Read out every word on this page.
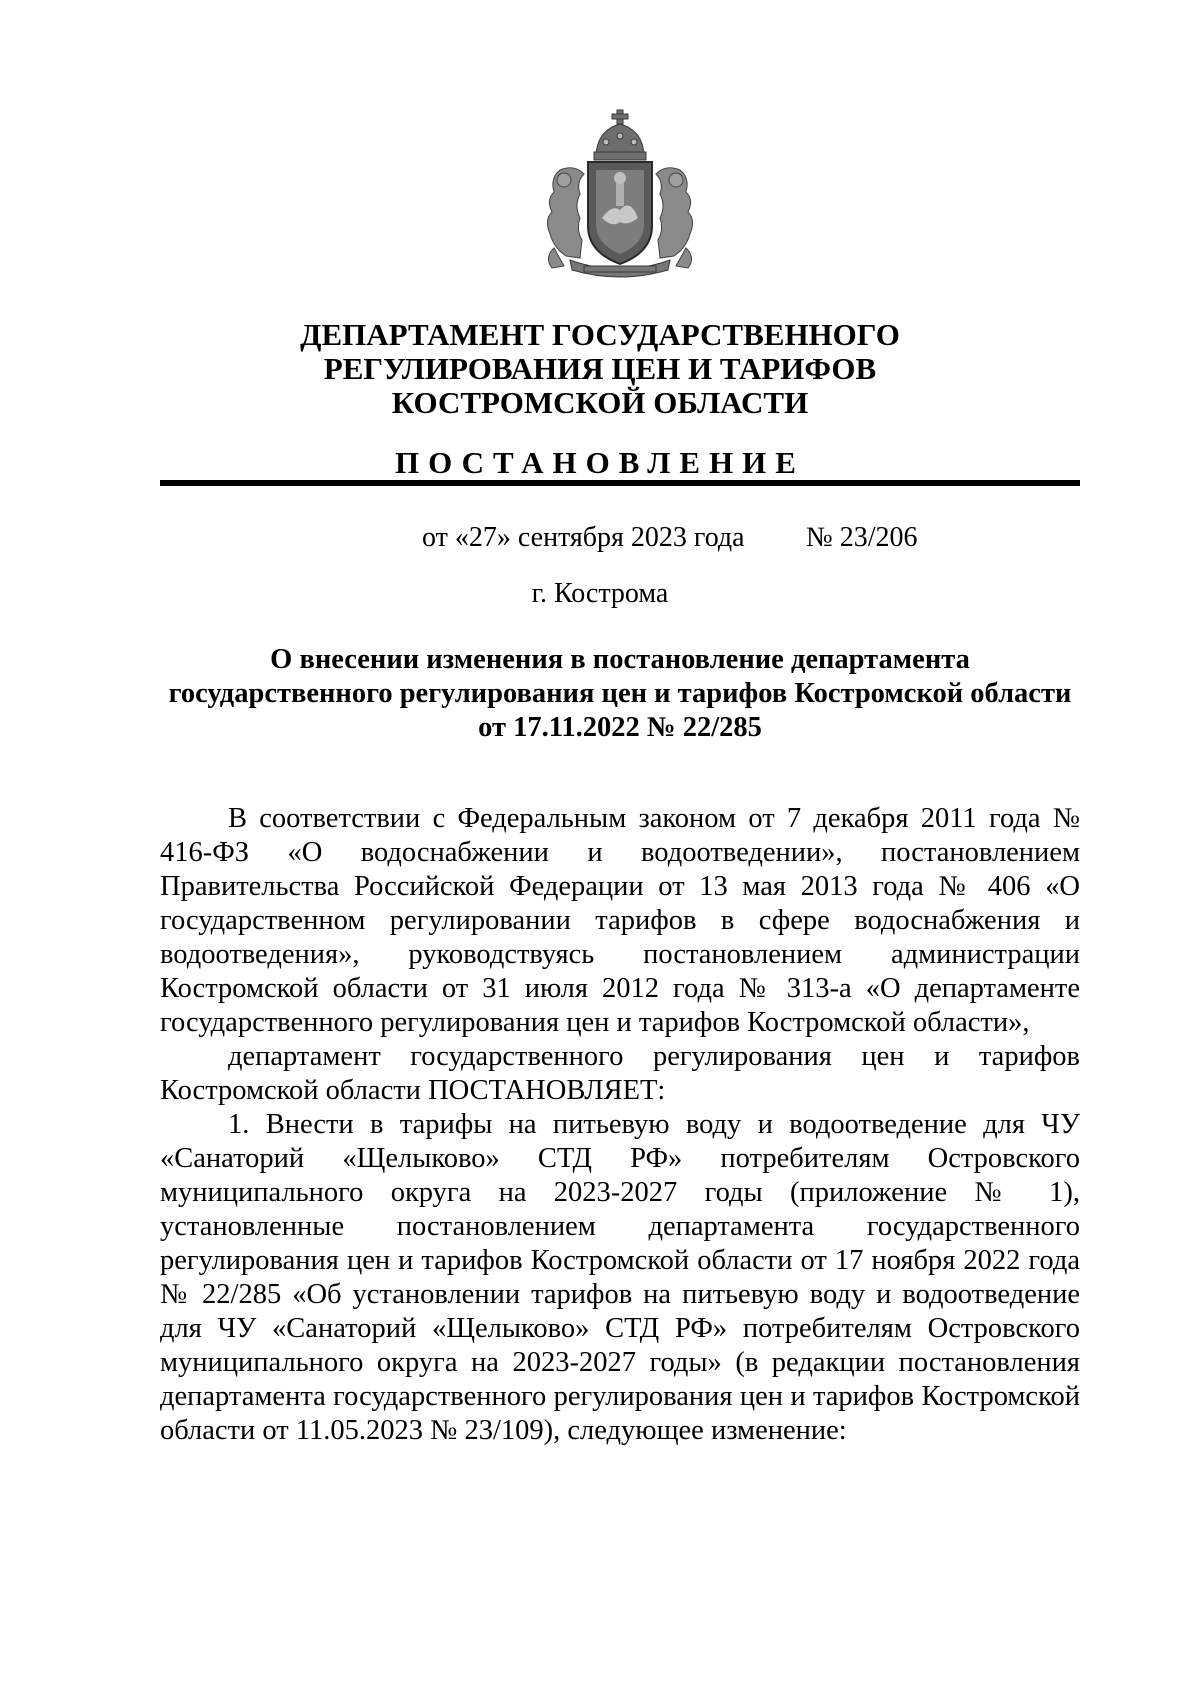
ДЕПАРТАМЕНТ ГОСУДАРСТВЕННОГО
РЕГУЛИРОВАНИЯ ЦЕН И ТАРИФОВ
КОСТРОМСКОЙ ОБЛАСТИ
ПОСТАНОВЛЕНИЕ
от «27» сентября 2023 года № 23/206
г. Кострома
О внесении изменения в постановление департамента
государственного регулирования цен и тарифов Костромской области
от 17.11.2022 № 22/285

В соответствии с Федеральным законом от 7 декабря 2011 года № 416-ФЗ «О водоснабжении и водоотведении», постановлением Правительства Российской Федерации от 13 мая 2013 года № 406 «О государственном регулировании тарифов в сфере водоснабжения и водоотведения», руководствуясь постановлением администрации Костромской области от 31 июля 2012 года № 313-а «О департаменте государственного регулирования цен и тарифов Костромской области»,

департамент государственного регулирования цен и тарифов Костромской области ПОСТАНОВЛЯЕТ:

1. Внести в тарифы на питьевую воду и водоотведение для ЧУ «Санаторий «Щелыково» СТД РФ» потребителям Островского муниципального округа на 2023-2027 годы (приложение № 1), установленные постановлением департамента государственного регулирования цен и тарифов Костромской области от 17 ноября 2022 года № 22/285 «Об установлении тарифов на питьевую воду и водоотведение для ЧУ «Санаторий «Щелыково» СТД РФ» потребителям Островского муниципального округа на 2023-2027 годы» (в редакции постановления департамента государственного регулирования цен и тарифов Костромской области от 11.05.2023 № 23/109), следующее изменение:
